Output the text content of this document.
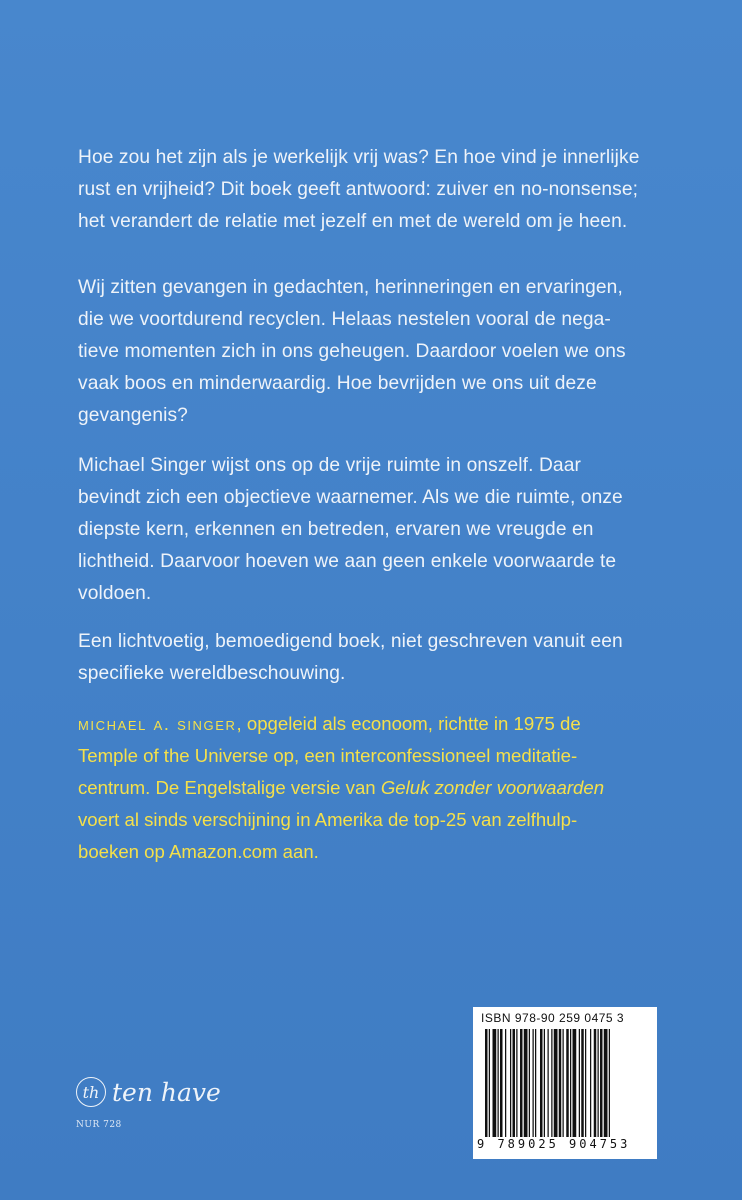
Hoe zou het zijn als je werkelijk vrij was? En hoe vind je innerlijke
rust en vrijheid? Dit boek geeft antwoord: zuiver en no-nonsense;
het verandert de relatie met jezelf en met de wereld om je heen.
Wij zitten gevangen in gedachten, herinneringen en ervaringen,
die we voortdurend recyclen. Helaas nestelen vooral de nega-
tieve momenten zich in ons geheugen. Daardoor voelen we ons
vaak boos en minderwaardig. Hoe bevrijden we ons uit deze
gevangenis?
Michael Singer wijst ons op de vrije ruimte in onszelf. Daar
bevindt zich een objectieve waarnemer. Als we die ruimte, onze
diepste kern, erkennen en betreden, ervaren we vreugde en
lichtheid. Daarvoor hoeven we aan geen enkele voorwaarde te
voldoen.
Een lichtvoetig, bemoedigend boek, niet geschreven vanuit een
specifieke wereldbeschouwing.
michael a. singer, opgeleid als econoom, richtte in 1975 de
Temple of the Universe op, een interconfessioneel meditatie-
centrum. De Engelstalige versie van Geluk zonder voorwaarden
voert al sinds verschijning in Amerika de top-25 van zelfhulp-
boeken op Amazon.com aan.
th ten have
NUR 728
ISBN 978-90 259 0475 3
9 789025 904753
